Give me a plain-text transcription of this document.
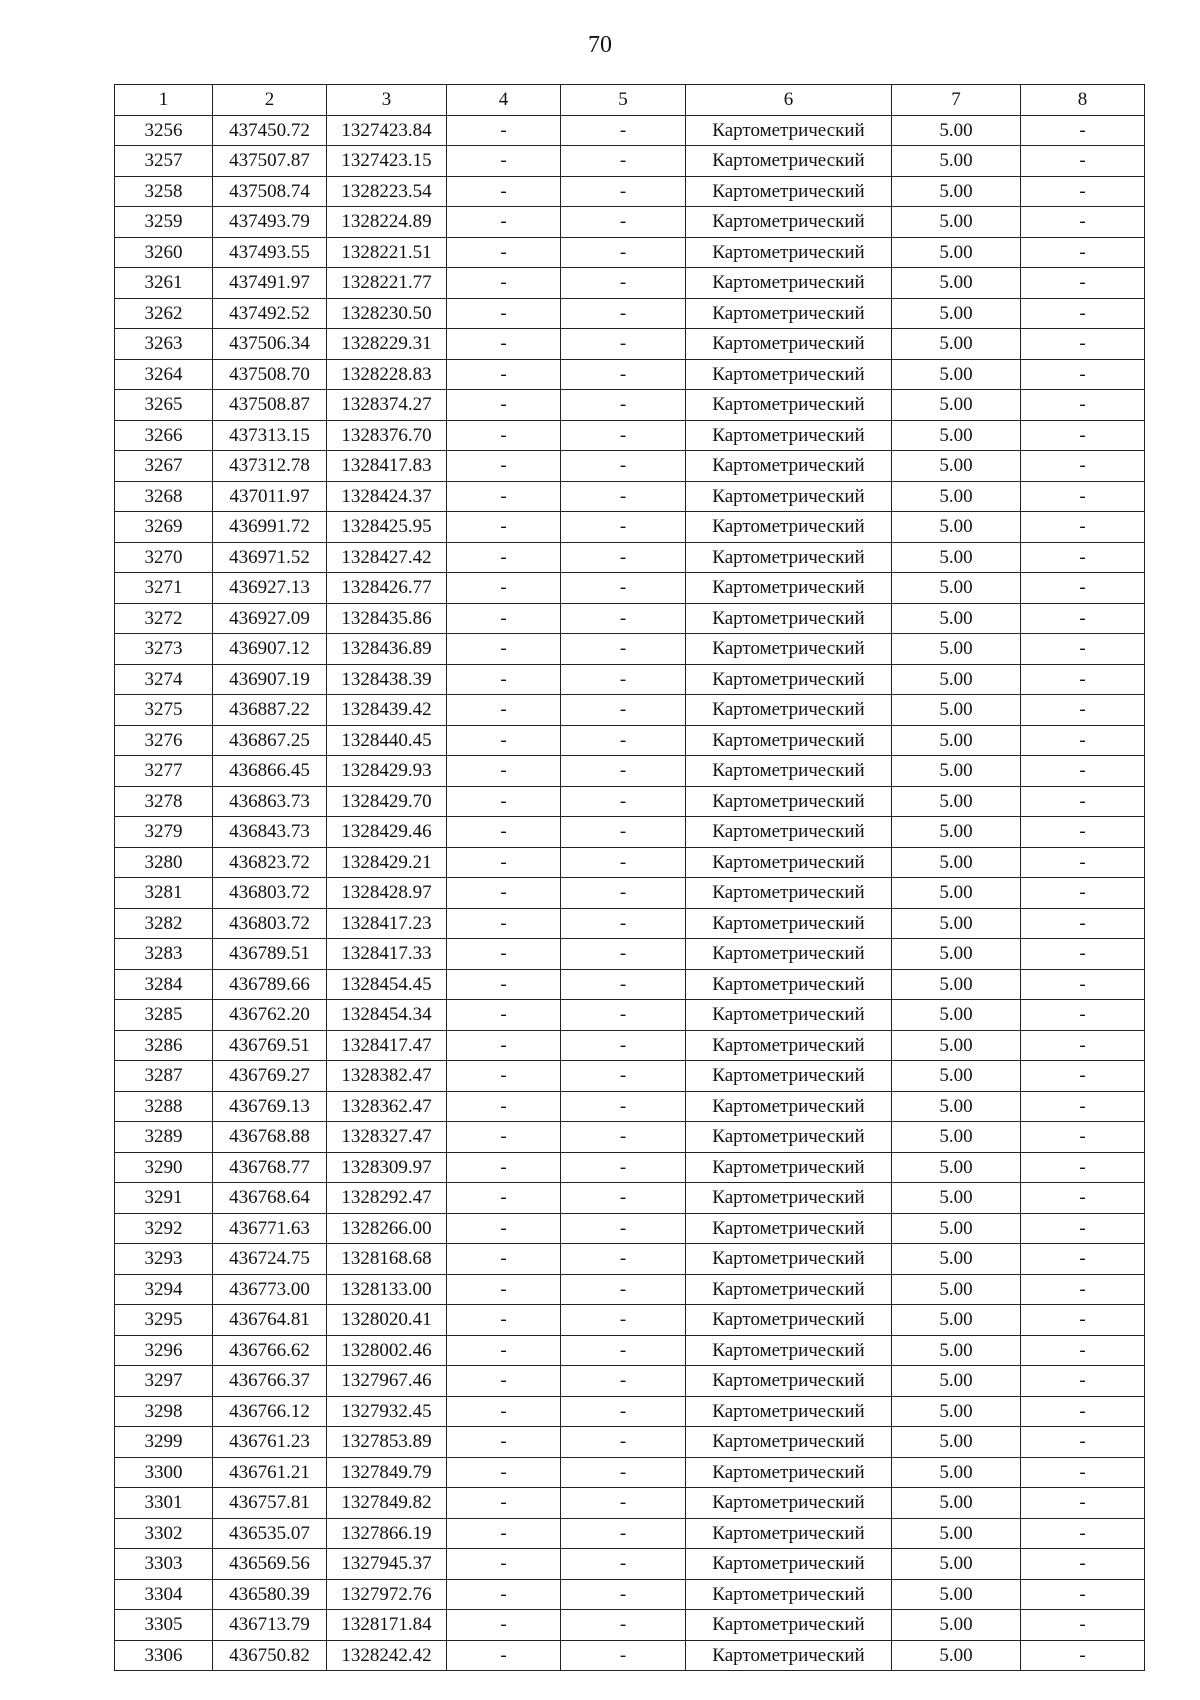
70
1	2	3	4	5	6	7	8
3256	437450.72	1327423.84	-	-	Картометрический	5.00	-
3257	437507.87	1327423.15	-	-	Картометрический	5.00	-
3258	437508.74	1328223.54	-	-	Картометрический	5.00	-
3259	437493.79	1328224.89	-	-	Картометрический	5.00	-
3260	437493.55	1328221.51	-	-	Картометрический	5.00	-
3261	437491.97	1328221.77	-	-	Картометрический	5.00	-
3262	437492.52	1328230.50	-	-	Картометрический	5.00	-
3263	437506.34	1328229.31	-	-	Картометрический	5.00	-
3264	437508.70	1328228.83	-	-	Картометрический	5.00	-
3265	437508.87	1328374.27	-	-	Картометрический	5.00	-
3266	437313.15	1328376.70	-	-	Картометрический	5.00	-
3267	437312.78	1328417.83	-	-	Картометрический	5.00	-
3268	437011.97	1328424.37	-	-	Картометрический	5.00	-
3269	436991.72	1328425.95	-	-	Картометрический	5.00	-
3270	436971.52	1328427.42	-	-	Картометрический	5.00	-
3271	436927.13	1328426.77	-	-	Картометрический	5.00	-
3272	436927.09	1328435.86	-	-	Картометрический	5.00	-
3273	436907.12	1328436.89	-	-	Картометрический	5.00	-
3274	436907.19	1328438.39	-	-	Картометрический	5.00	-
3275	436887.22	1328439.42	-	-	Картометрический	5.00	-
3276	436867.25	1328440.45	-	-	Картометрический	5.00	-
3277	436866.45	1328429.93	-	-	Картометрический	5.00	-
3278	436863.73	1328429.70	-	-	Картометрический	5.00	-
3279	436843.73	1328429.46	-	-	Картометрический	5.00	-
3280	436823.72	1328429.21	-	-	Картометрический	5.00	-
3281	436803.72	1328428.97	-	-	Картометрический	5.00	-
3282	436803.72	1328417.23	-	-	Картометрический	5.00	-
3283	436789.51	1328417.33	-	-	Картометрический	5.00	-
3284	436789.66	1328454.45	-	-	Картометрический	5.00	-
3285	436762.20	1328454.34	-	-	Картометрический	5.00	-
3286	436769.51	1328417.47	-	-	Картометрический	5.00	-
3287	436769.27	1328382.47	-	-	Картометрический	5.00	-
3288	436769.13	1328362.47	-	-	Картометрический	5.00	-
3289	436768.88	1328327.47	-	-	Картометрический	5.00	-
3290	436768.77	1328309.97	-	-	Картометрический	5.00	-
3291	436768.64	1328292.47	-	-	Картометрический	5.00	-
3292	436771.63	1328266.00	-	-	Картометрический	5.00	-
3293	436724.75	1328168.68	-	-	Картометрический	5.00	-
3294	436773.00	1328133.00	-	-	Картометрический	5.00	-
3295	436764.81	1328020.41	-	-	Картометрический	5.00	-
3296	436766.62	1328002.46	-	-	Картометрический	5.00	-
3297	436766.37	1327967.46	-	-	Картометрический	5.00	-
3298	436766.12	1327932.45	-	-	Картометрический	5.00	-
3299	436761.23	1327853.89	-	-	Картометрический	5.00	-
3300	436761.21	1327849.79	-	-	Картометрический	5.00	-
3301	436757.81	1327849.82	-	-	Картометрический	5.00	-
3302	436535.07	1327866.19	-	-	Картометрический	5.00	-
3303	436569.56	1327945.37	-	-	Картометрический	5.00	-
3304	436580.39	1327972.76	-	-	Картометрический	5.00	-
3305	436713.79	1328171.84	-	-	Картометрический	5.00	-
3306	436750.82	1328242.42	-	-	Картометрический	5.00	-
